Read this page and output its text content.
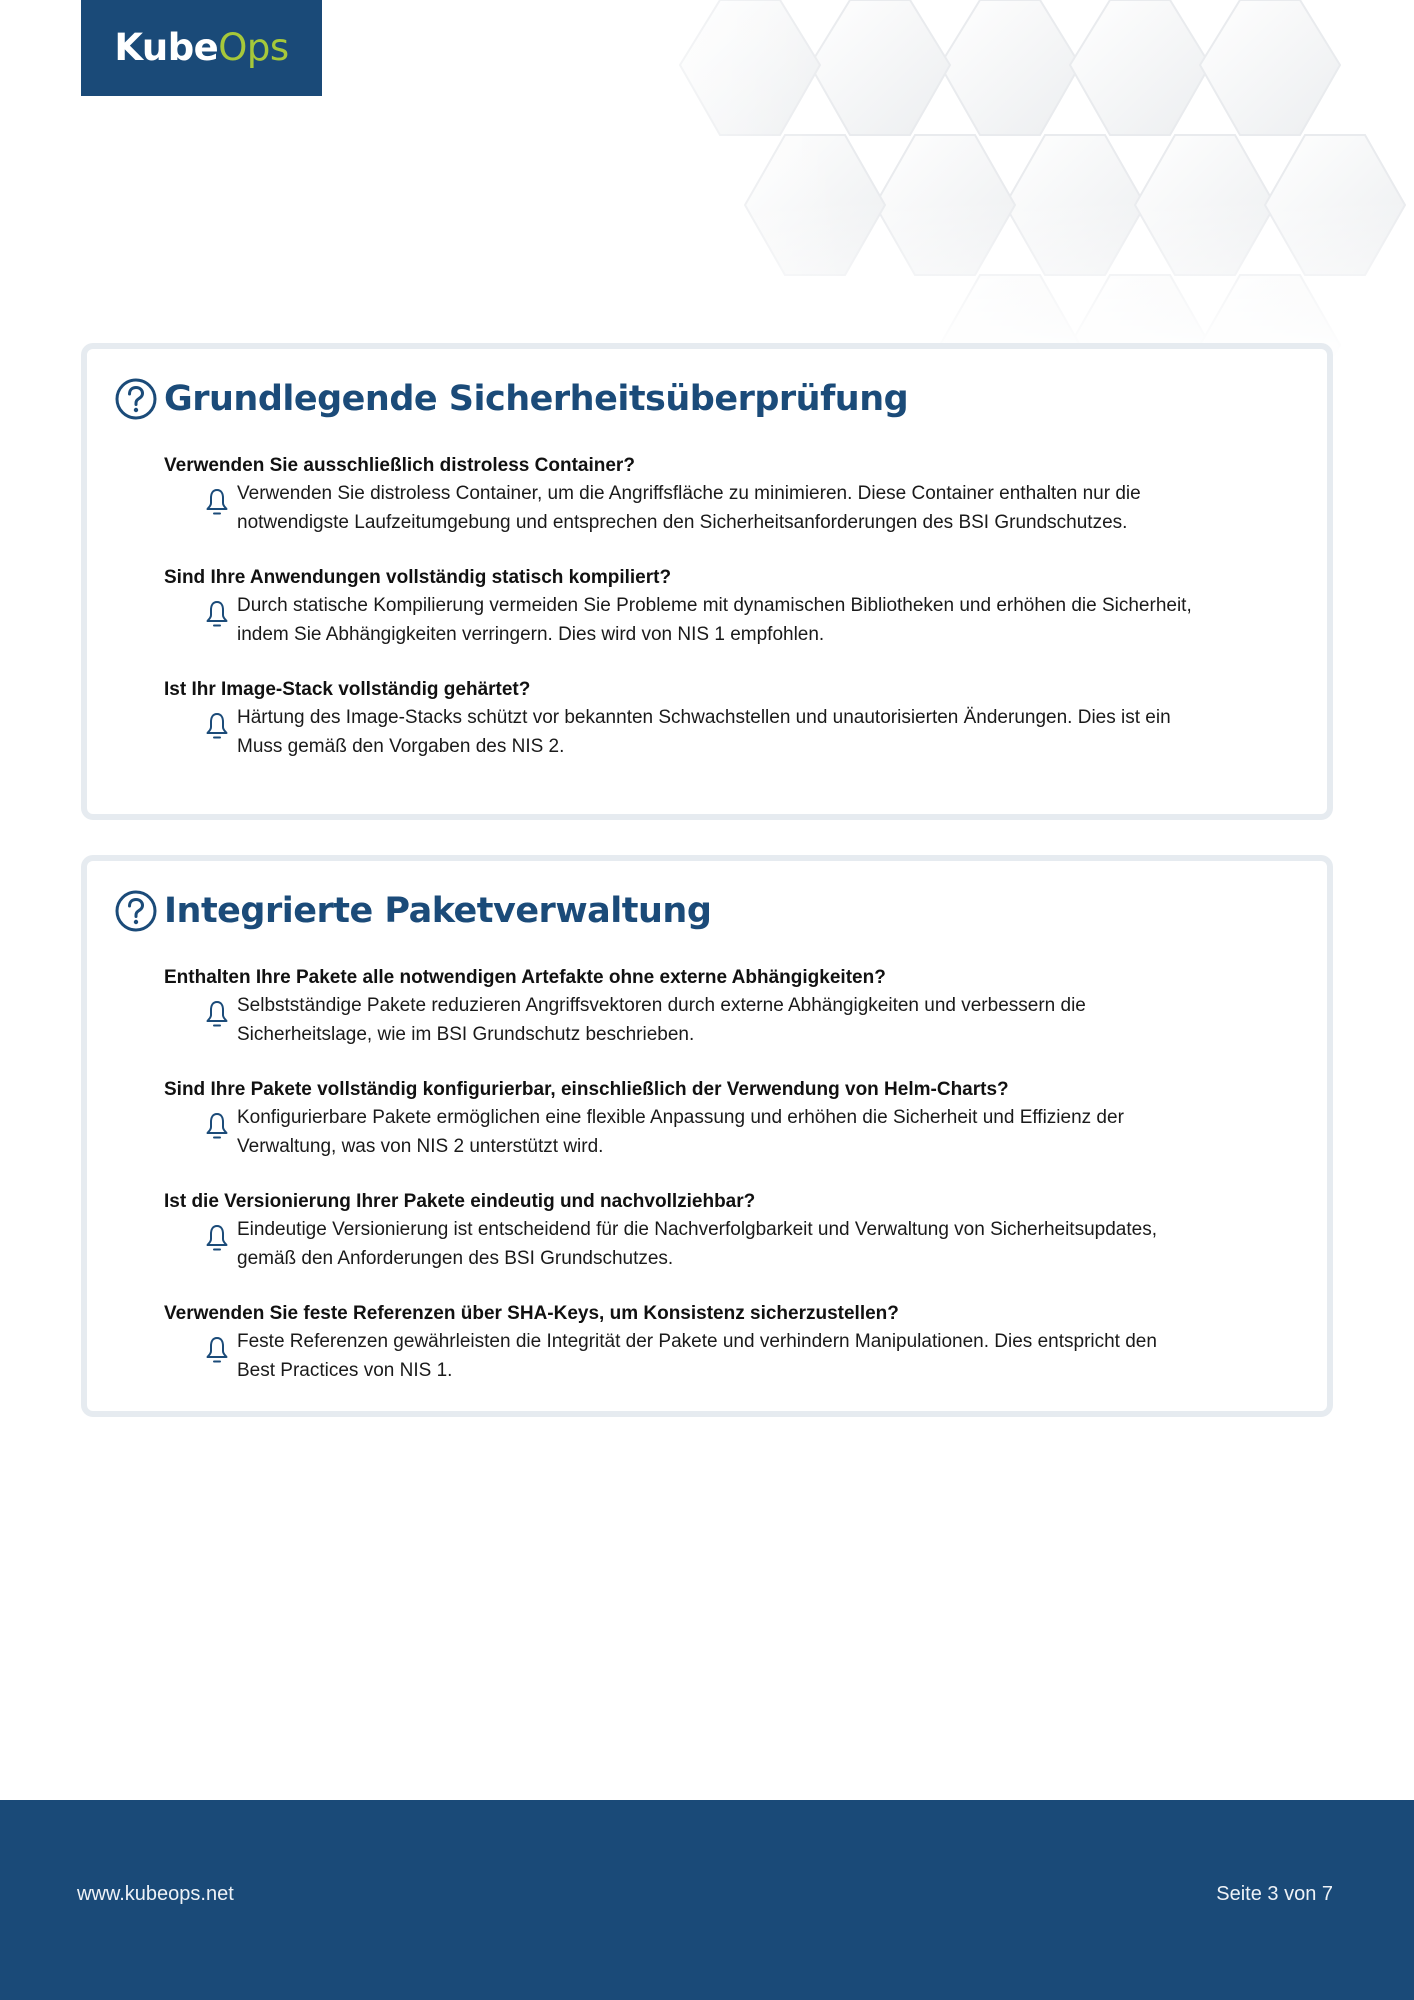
KubeOps
Grundlegende Sicherheitsüberprüfung
Verwenden Sie ausschließlich distroless Container?
Verwenden Sie distroless Container, um die Angriffsfläche zu minimieren. Diese Container enthalten nur die
notwendigste Laufzeitumgebung und entsprechen den Sicherheitsanforderungen des BSI Grundschutzes.
Sind Ihre Anwendungen vollständig statisch kompiliert?
Durch statische Kompilierung vermeiden Sie Probleme mit dynamischen Bibliotheken und erhöhen die Sicherheit,
indem Sie Abhängigkeiten verringern. Dies wird von NIS 1 empfohlen.
Ist Ihr Image-Stack vollständig gehärtet?
Härtung des Image-Stacks schützt vor bekannten Schwachstellen und unautorisierten Änderungen. Dies ist ein
Muss gemäß den Vorgaben des NIS 2.
Integrierte Paketverwaltung
Enthalten Ihre Pakete alle notwendigen Artefakte ohne externe Abhängigkeiten?
Selbstständige Pakete reduzieren Angriffsvektoren durch externe Abhängigkeiten und verbessern die
Sicherheitslage, wie im BSI Grundschutz beschrieben.
Sind Ihre Pakete vollständig konfigurierbar, einschließlich der Verwendung von Helm-Charts?
Konfigurierbare Pakete ermöglichen eine flexible Anpassung und erhöhen die Sicherheit und Effizienz der
Verwaltung, was von NIS 2 unterstützt wird.
Ist die Versionierung Ihrer Pakete eindeutig und nachvollziehbar?
Eindeutige Versionierung ist entscheidend für die Nachverfolgbarkeit und Verwaltung von Sicherheitsupdates,
gemäß den Anforderungen des BSI Grundschutzes.
Verwenden Sie feste Referenzen über SHA-Keys, um Konsistenz sicherzustellen?
Feste Referenzen gewährleisten die Integrität der Pakete und verhindern Manipulationen. Dies entspricht den
Best Practices von NIS 1.
www.kubeops.net	Seite 3 von 7
